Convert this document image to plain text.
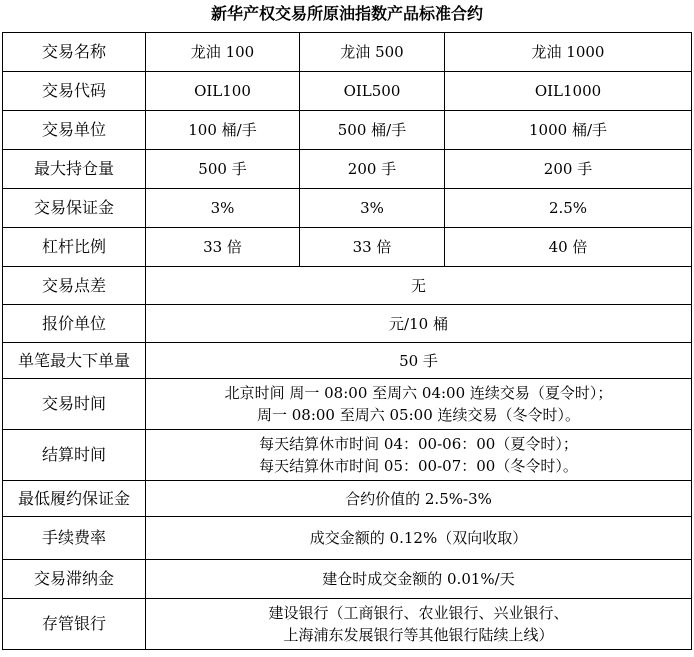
新华产权交易所原油指数产品标准合约
交易名称	龙油 100	龙油 500	龙油 1000
交易代码	OIL100	OIL500	OIL1000
交易单位	100 桶/手	500 桶/手	1000 桶/手
最大持仓量	500 手	200 手	200 手
交易保证金	3%	3%	2.5%
杠杆比例	33 倍	33 倍	40 倍
交易点差	无		
报价单位	元/10 桶		
单笔最大下单量	50 手		
交易时间	北京时间 周一 08:00 至周六 04:00 连续交易（夏令时）；
周一 08:00 至周六 05:00 连续交易（冬令时）。		

结算时间	每天结算休市时间 04：00-06：00（夏令时）；
每天结算休市时间 05：00-07：00（冬令时）。		

最低履约保证金	合约价值的 2.5%-3%		
手续费率	成交金额的 0.12%（双向收取）		
交易滞纳金	建仓时成交金额的 0.01%/天		
存管银行	建设银行（工商银行、农业银行、兴业银行、
上海浦东发展银行等其他银行陆续上线）		
